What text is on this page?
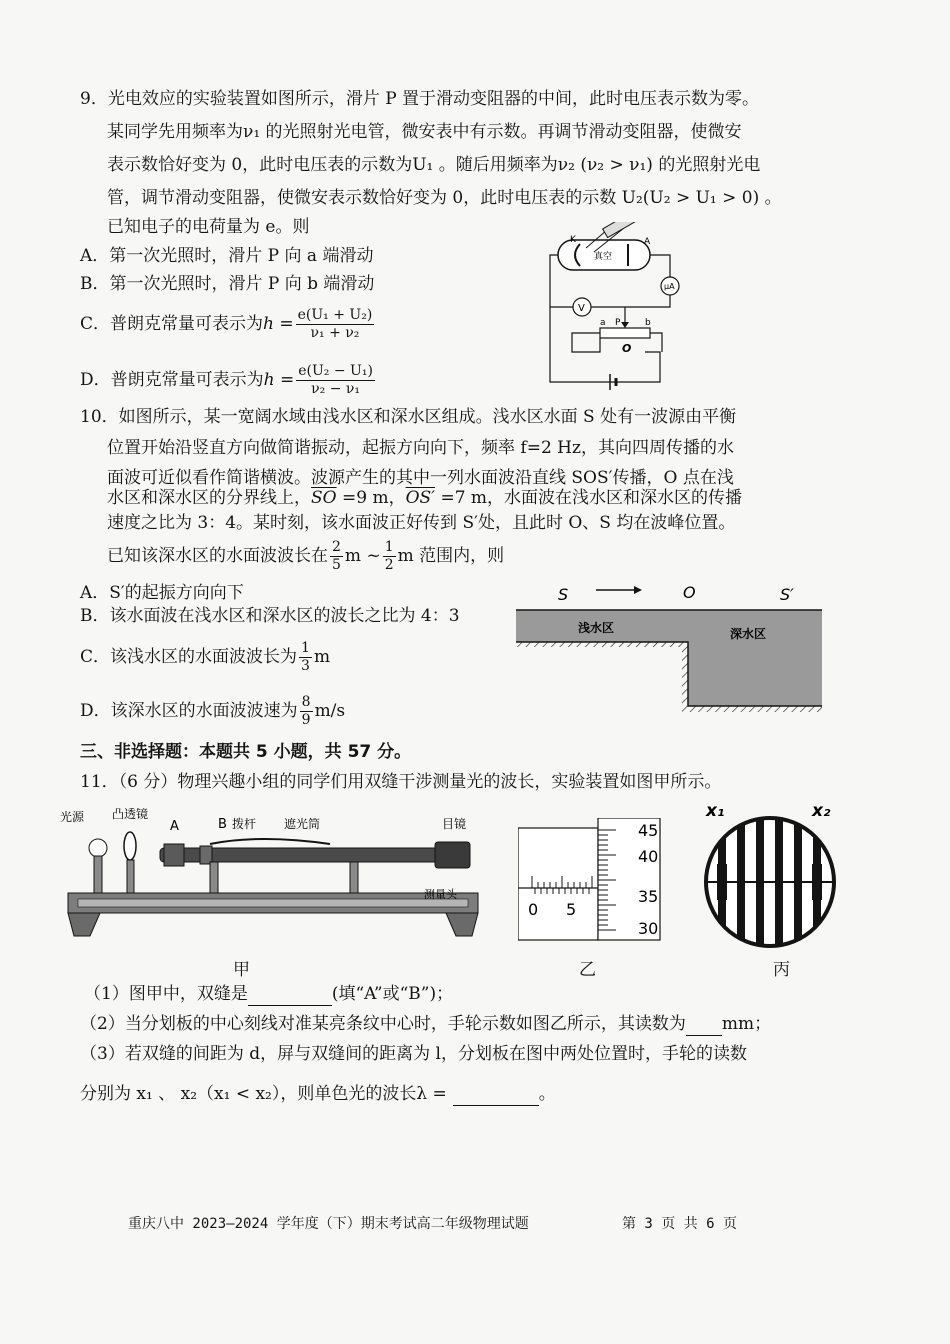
9．光电效应的实验装置如图所示，滑片 P 置于滑动变阻器的中间，此时电压表示数为零。
某同学先用频率为ν₁ 的光照射光电管，微安表中有示数。再调节滑动变阻器，使微安
表示数恰好变为 0，此时电压表的示数为U₁ 。随后用频率为ν₂ (ν₂ > ν₁) 的光照射光电
管，调节滑动变阻器，使微安表示数恰好变为 0，此时电压表的示数 U₂(U₂ > U₁ > 0) 。
已知电子的电荷量为 e。则
A．第一次光照时，滑片 P 向 a 端滑动
B．第一次光照时，滑片 P 向 b 端滑动
C．普朗克常量可表示为$h = \frac{\text{e(U₁ + U₂)}}{\text{ν₁ + ν₂}}$
D．普朗克常量可表示为$h = \frac{\text{e(U₂ − U₁)}}{\text{ν₂ − ν₁}}$
K	A
真空
μA
V
a P	b
O
10．如图所示，某一宽阔水域由浅水区和深水区组成。浅水区水面 S 处有一波源由平衡
位置开始沿竖直方向做简谐振动，起振方向向下，频率 f=2 Hz，其向四周传播的水
面波可近似看作简谐横波。波源产生的其中一列水面波沿直线 SOS′传播，O 点在浅
水区和深水区的分界线上，$\overline{SO} =9$ m，OS′ =7 m，水面波在浅水区和深水区的传播
速度之比为 3：4。某时刻，该水面波正好传到 S′处，且此时 O、S 均在波峰位置。
已知该深水区的水面波波长在 $\frac{2}{5}$ m ~ $\frac{1}{2}$ m 范围内，则
A．S′的起振方向向下
B．该水面波在浅水区和深水区的波长之比为 4：3
C．该浅水区的水面波波长为 $\frac{1}{3}$ m
D．该深水区的水面波波速为 $\frac{8}{9} m/s$
S	O	S′
浅水区	深水区
三、非选择题：本题共 5 小题，共 57 分。
11．（6 分）物理兴趣小组的同学们用双缝干涉测量光的波长，实验装置如图甲所示。
光源 凸透镜
A	B 拨杆 遮光筒	目镜
测量头
45
40
35
30
0 5
x₁	x₂
甲	乙	丙
（1）图甲中，双缝是	(填“A”或“B”)；
（2）当分划板的中心刻线对准某亮条纹中心时，手轮示数如图乙所示，其读数为 mm；
（3）若双缝的间距为 d，屏与双缝间的距离为 l，分划板在图中两处位置时，手轮的读数
分别为 x₁ 、 x₂（x₁ < x₂），则单色光的波长λ =	。
重庆八中 2023—2024 学年度（下）期末考试高二年级物理试题	第 3 页 共 6 页
